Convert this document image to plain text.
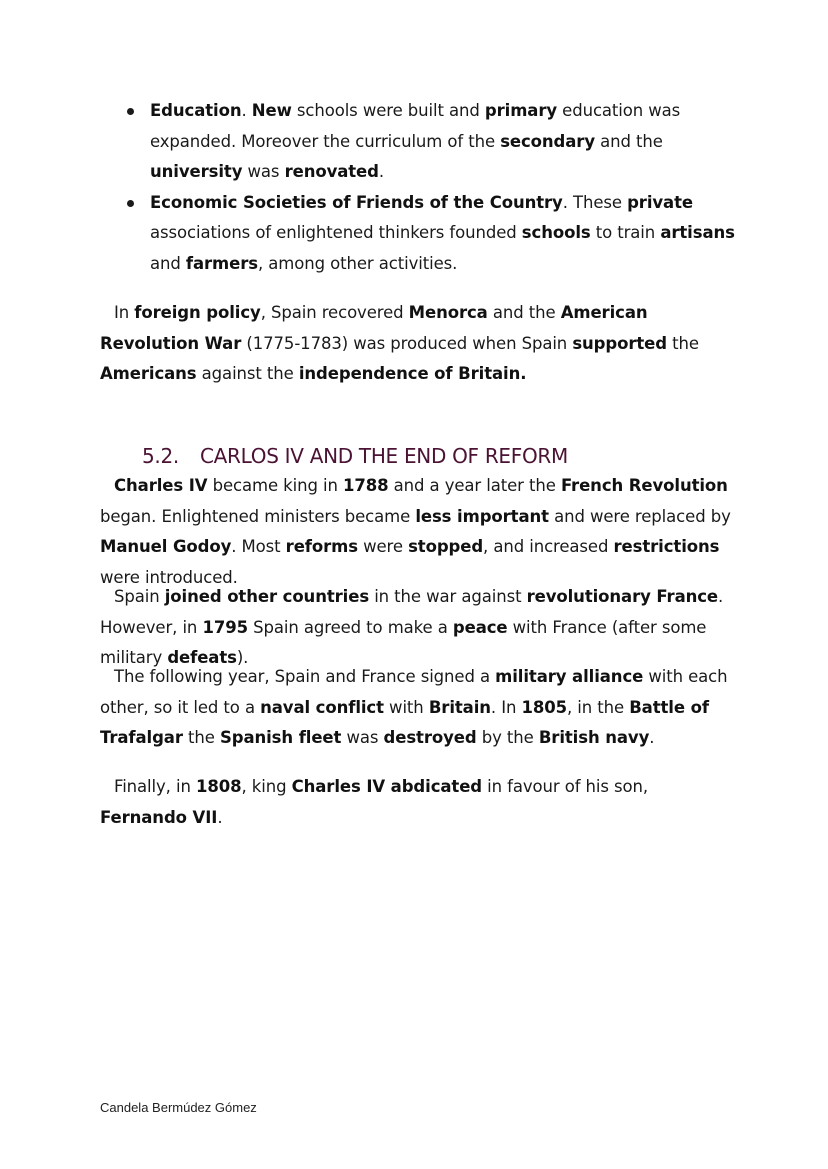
Education. New schools were built and primary education was expanded. Moreover the curriculum of the secondary and the university was renovated.
Economic Societies of Friends of the Country. These private associations of enlightened thinkers founded schools to train artisans and farmers, among other activities.

In foreign policy, Spain recovered Menorca and the American Revolution War (1775-1783) was produced when Spain supported the Americans against the independence of Britain.

5.2. CARLOS IV AND THE END OF REFORM

Charles IV became king in 1788 and a year later the French Revolution began. Enlightened ministers became less important and were replaced by Manuel Godoy. Most reforms were stopped, and increased restrictions were introduced.

Spain joined other countries in the war against revolutionary France. However, in 1795 Spain agreed to make a peace with France (after some military defeats).

The following year, Spain and France signed a military alliance with each other, so it led to a naval conflict with Britain. In 1805, in the Battle of Trafalgar the Spanish fleet was destroyed by the British navy.

Finally, in 1808, king Charles IV abdicated in favour of his son, Fernando VII.

Candela Bermúdez Gómez
